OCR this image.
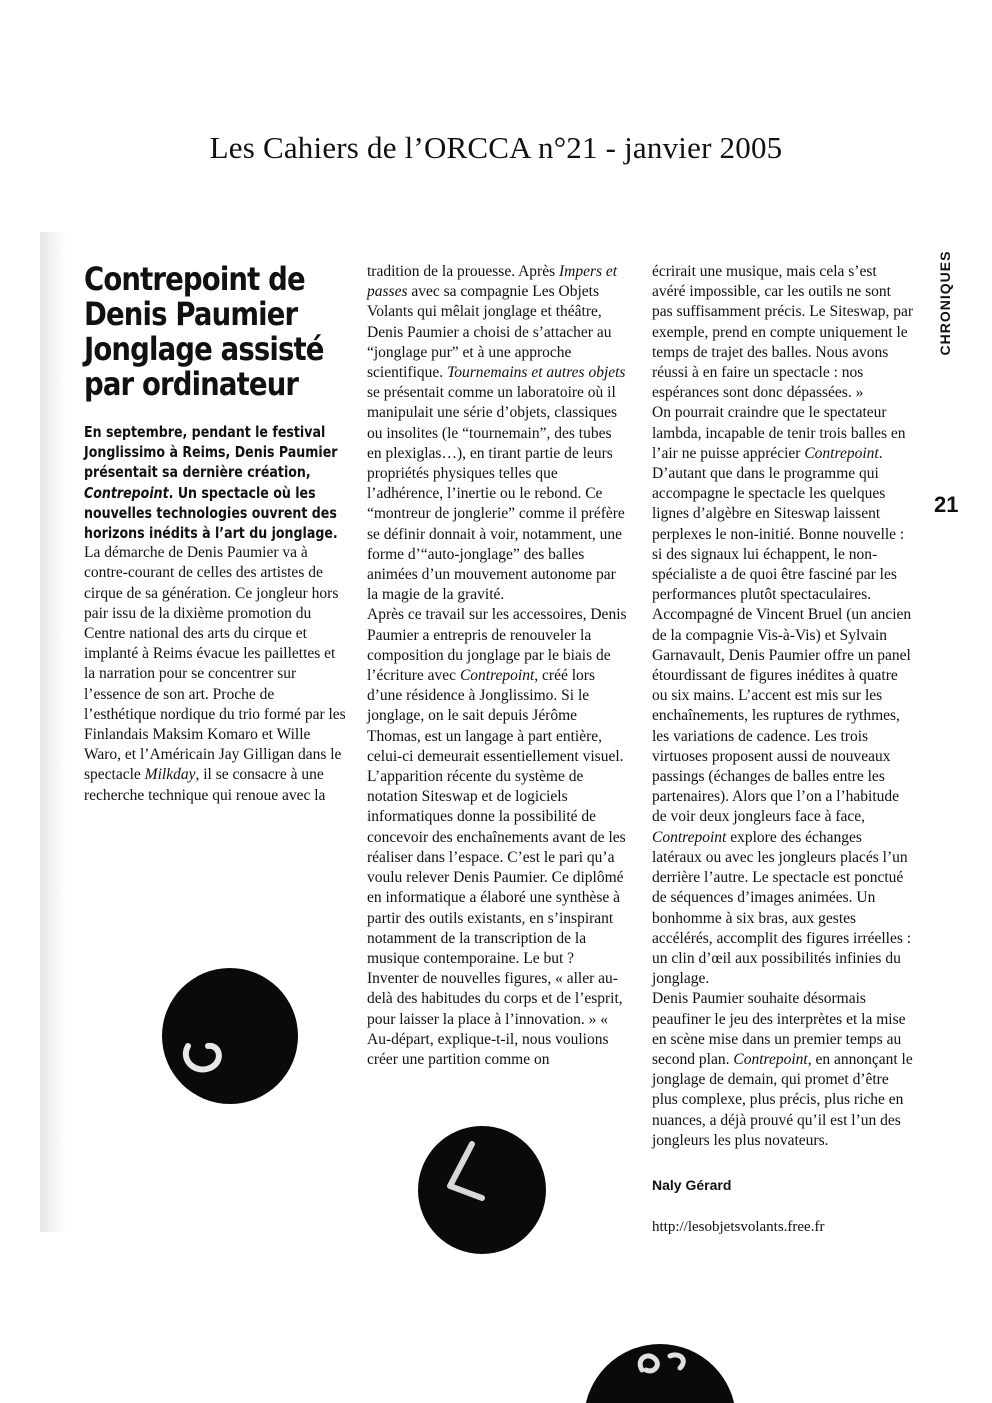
Les Cahiers de l’ORCCA n°21 - janvier 2005
CHRONIQUES
21
Contrepoint de
Denis Paumier
Jonglage assisté
par ordinateur

En septembre, pendant le festival Jonglissimo à Reims, Denis Paumier présentait sa dernière création, Contrepoint. Un spectacle où les nouvelles technologies ouvrent des horizons inédits à l’art du jonglage.

La démarche de Denis Paumier va à contre-courant de celles des artistes de cirque de sa génération. Ce jongleur hors pair issu de la dixième promotion du Centre national des arts du cirque et implanté à Reims évacue les paillettes et la narration pour se concentrer sur l’essence de son art. Proche de l’esthétique nordique du trio formé par les Finlandais Maksim Komaro et Wille Waro, et l’Américain Jay Gilligan dans le spectacle Milkday, il se consacre à une recherche technique qui renoue avec la

tradition de la prouesse. Après Impers et passes avec sa compagnie Les Objets Volants qui mêlait jonglage et théâtre, Denis Paumier a choisi de s’attacher au “jonglage pur” et à une approche scientifique. Tournemains et autres objets se présentait comme un laboratoire où il manipulait une série d’objets, classiques ou insolites (le “tournemain”, des tubes en plexiglas…), en tirant partie de leurs propriétés physiques telles que l’adhérence, l’inertie ou le rebond. Ce “montreur de jonglerie” comme il préfère se définir donnait à voir, notamment, une forme d’“auto-jonglage” des balles animées d’un mouvement autonome par la magie de la gravité.

Après ce travail sur les accessoires, Denis Paumier a entrepris de renouveler la composition du jonglage par le biais de l’écriture avec Contrepoint, créé lors d’une résidence à Jonglissimo. Si le jonglage, on le sait depuis Jérôme Thomas, est un langage à part entière, celui-ci demeurait essentiellement visuel. L’apparition récente du système de notation Siteswap et de logiciels informatiques donne la possibilité de concevoir des enchaînements avant de les réaliser dans l’espace. C’est le pari qu’a voulu relever Denis Paumier. Ce diplômé en informatique a élaboré une synthèse à partir des outils existants, en s’inspirant notamment de la transcription de la musique contemporaine. Le but ? Inventer de nouvelles figures, « aller au-delà des habitudes du corps et de l’esprit, pour laisser la place à l’innovation. » « Au-départ, explique-t-il, nous voulions créer une partition comme on

écrirait une musique, mais cela s’est avéré impossible, car les outils ne sont pas suffisamment précis. Le Siteswap, par exemple, prend en compte uniquement le temps de trajet des balles. Nous avons réussi à en faire un spectacle : nos espérances sont donc dépassées. »

On pourrait craindre que le spectateur lambda, incapable de tenir trois balles en l’air ne puisse apprécier Contrepoint. D’autant que dans le programme qui accompagne le spectacle les quelques lignes d’algèbre en Siteswap laissent perplexes le non-initié. Bonne nouvelle : si des signaux lui échappent, le non-spécialiste a de quoi être fasciné par les performances plutôt spectaculaires.

Accompagné de Vincent Bruel (un ancien de la compagnie Vis-à-Vis) et Sylvain Garnavault, Denis Paumier offre un panel étourdissant de figures inédites à quatre ou six mains. L’accent est mis sur les enchaînements, les ruptures de rythmes, les variations de cadence. Les trois virtuoses proposent aussi de nouveaux passings (échanges de balles entre les partenaires). Alors que l’on a l’habitude de voir deux jongleurs face à face, Contrepoint explore des échanges latéraux ou avec les jongleurs placés l’un derrière l’autre. Le spectacle est ponctué de séquences d’images animées. Un bonhomme à six bras, aux gestes accélérés, accomplit des figures irréelles : un clin d’œil aux possibilités infinies du jonglage.

Denis Paumier souhaite désormais peaufiner le jeu des interprètes et la mise en scène mise dans un premier temps au second plan. Contrepoint, en annonçant le jonglage de demain, qui promet d’être plus complexe, plus précis, plus riche en nuances, a déjà prouvé qu’il est l’un des jongleurs les plus novateurs.

Naly Gérard
http://lesobjetsvolants.free.fr
